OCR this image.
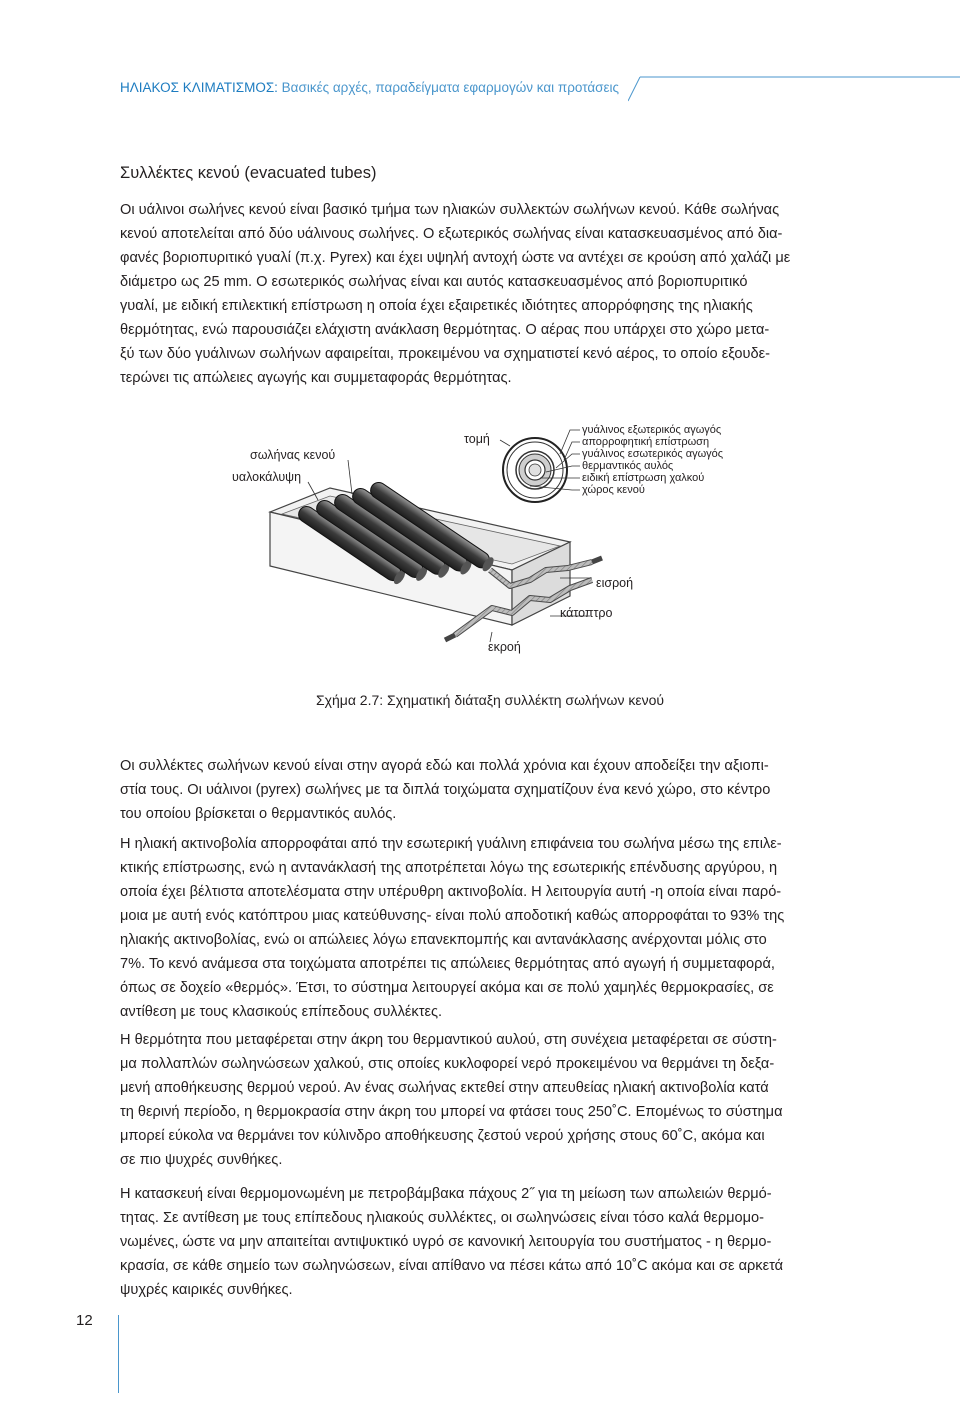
ΗΛΙΑΚΟΣ ΚΛΙΜΑΤΙΣΜΟΣ: Βασικές αρχές, παραδείγματα εφαρμογών και προτάσεις
Συλλέκτες κενού (evacuated tubes)
Οι υάλινοι σωλήνες κενού είναι βασικό τμήμα των ηλιακών συλλεκτών σωλήνων κενού. Κάθε σωλήνας
κενού αποτελείται από δύο υάλινους σωλήνες. Ο εξωτερικός σωλήνας είναι κατασκευασμένος από δια-
φανές βοριοπυριτικό γυαλί (π.χ. Pyrex) και έχει υψηλή αντοχή ώστε να αντέχει σε κρούση από χαλάζι με
διάμετρο ως 25 mm. Ο εσωτερικός σωλήνας είναι και αυτός κατασκευασμένος από βοριοπυριτικό
γυαλί, με ειδική επιλεκτική επίστρωση η οποία έχει εξαιρετικές ιδιότητες απορρόφησης της ηλιακής
θερμότητας, ενώ παρουσιάζει ελάχιστη ανάκλαση θερμότητας. Ο αέρας που υπάρχει στο χώρο μετα-
ξύ των δύο γυάλινων σωλήνων αφαιρείται, προκειμένου να σχηματιστεί κενό αέρος, το οποίο εξουδε-
τερώνει τις απώλειες αγωγής και συμμεταφοράς θερμότητας.
σωλήνας κενού
υαλοκάλυψη
τομή
γυάλινος εξωτερικός αγωγός
απορροφητική επίστρωση
γυάλινος εσωτερικός αγωγός
θερμαντικός αυλός
ειδική επίστρωση χαλκού
χώρος κενού
εισροή
κάτοπτρο
εκροή
Σχήμα 2.7: Σχηματική διάταξη συλλέκτη σωλήνων κενού
Οι συλλέκτες σωλήνων κενού είναι στην αγορά εδώ και πολλά χρόνια και έχουν αποδείξει την αξιοπι-
στία τους. Οι υάλινοι (pyrex) σωλήνες με τα διπλά τοιχώματα σχηματίζουν ένα κενό χώρο, στο κέντρο
του οποίου βρίσκεται ο θερμαντικός αυλός.
Η ηλιακή ακτινοβολία απορροφάται από την εσωτερική γυάλινη επιφάνεια του σωλήνα μέσω της επιλε-
κτικής επίστρωσης, ενώ η αντανάκλασή της αποτρέπεται λόγω της εσωτερικής επένδυσης αργύρου, η
οποία έχει βέλτιστα αποτελέσματα στην υπέρυθρη ακτινοβολία. Η λειτουργία αυτή -η οποία είναι παρό-
μοια με αυτή ενός κατόπτρου μιας κατεύθυνσης- είναι πολύ αποδοτική καθώς απορροφάται το 93% της
ηλιακής ακτινοβολίας, ενώ οι απώλειες λόγω επανεκπομπής και αντανάκλασης ανέρχονται μόλις στο
7%. Το κενό ανάμεσα στα τοιχώματα αποτρέπει τις απώλειες θερμότητας από αγωγή ή συμμεταφορά,
όπως σε δοχείο «θερμός». Έτσι, το σύστημα λειτουργεί ακόμα και σε πολύ χαμηλές θερμοκρασίες, σε
αντίθεση με τους κλασικούς επίπεδους συλλέκτες.
Η θερμότητα που μεταφέρεται στην άκρη του θερμαντικού αυλού, στη συνέχεια μεταφέρεται σε σύστη-
μα πολλαπλών σωληνώσεων χαλκού, στις οποίες κυκλοφορεί νερό προκειμένου να θερμάνει τη δεξα-
μενή αποθήκευσης θερμού νερού. Αν ένας σωλήνας εκτεθεί στην απευθείας ηλιακή ακτινοβολία κατά
τη θερινή περίοδο, η θερμοκρασία στην άκρη του μπορεί να φτάσει τους 250˚C. Επομένως το σύστημα
μπορεί εύκολα να θερμάνει τον κύλινδρο αποθήκευσης ζεστού νερού χρήσης στους 60˚C, ακόμα και
σε πιο ψυχρές συνθήκες.
Η κατασκευή είναι θερμομονωμένη με πετροβάμβακα πάχους 2˝ για τη μείωση των απωλειών θερμό-
τητας. Σε αντίθεση με τους επίπεδους ηλιακούς συλλέκτες, οι σωληνώσεις είναι τόσο καλά θερμομο-
νωμένες, ώστε να μην απαιτείται αντιψυκτικό υγρό σε κανονική λειτουργία του συστήματος - η θερμο-
κρασία, σε κάθε σημείο των σωληνώσεων, είναι απίθανο να πέσει κάτω από 10˚C ακόμα και σε αρκετά
ψυχρές καιρικές συνθήκες.
12
